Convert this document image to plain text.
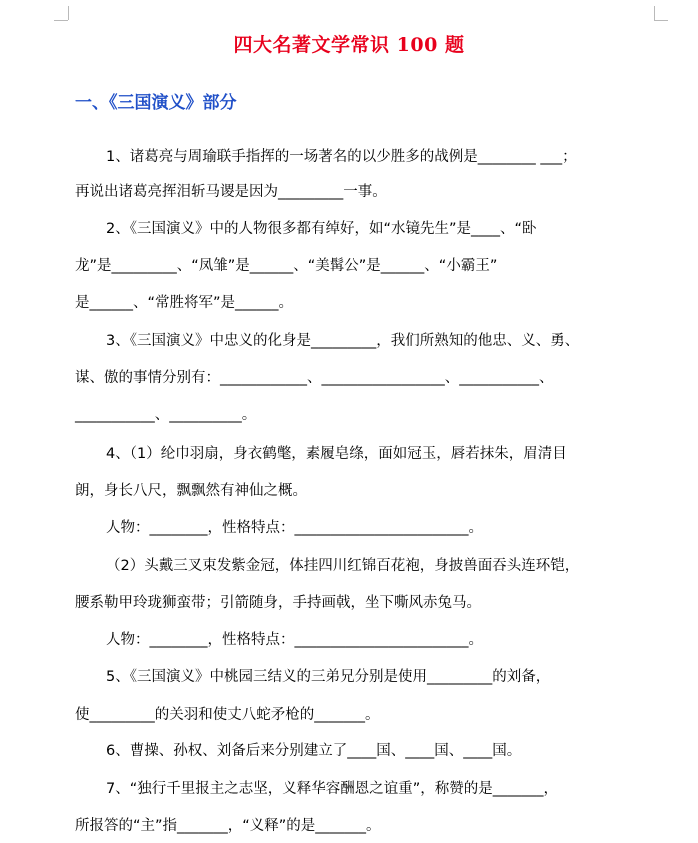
四大名著文学常识 100 题
一、《三国演义》部分
1、诸葛亮与周瑜联手指挥的一场著名的以少胜多的战例是________ ___；
再说出诸葛亮挥泪斩马谡是因为_________一事。
2、《三国演义》中的人物很多都有绰好，如“水镜先生”是____、“卧
龙”是_________、“凤雏”是______、“美髯公”是______、“小霸王”
是______、“常胜将军”是______。
3、《三国演义》中忠义的化身是_________，我们所熟知的他忠、义、勇、
谋、傲的事情分别有：____________、_________________、___________、
___________、__________。
4、（1）纶巾羽扇，身衣鹤氅，素履皂绦，面如冠玉，唇若抹朱，眉清目
朗，身长八尺，飘飘然有神仙之概。
人物：________，性格特点：________________________。
（2）头戴三叉束发紫金冠，体挂四川红锦百花袍，身披兽面吞头连环铠，
腰系勒甲玲珑狮蛮带；引箭随身，手持画戟，坐下嘶风赤兔马。
人物：________，性格特点：________________________。
5、《三国演义》中桃园三结义的三弟兄分别是使用_________的刘备，
使_________的关羽和使丈八蛇矛枪的_______。
6、曹操、孙权、刘备后来分别建立了____国、____国、____国。
7、“独行千里报主之志坚，义释华容酬恩之谊重”，称赞的是_______，
所报答的“主”指_______，“义释”的是_______。
